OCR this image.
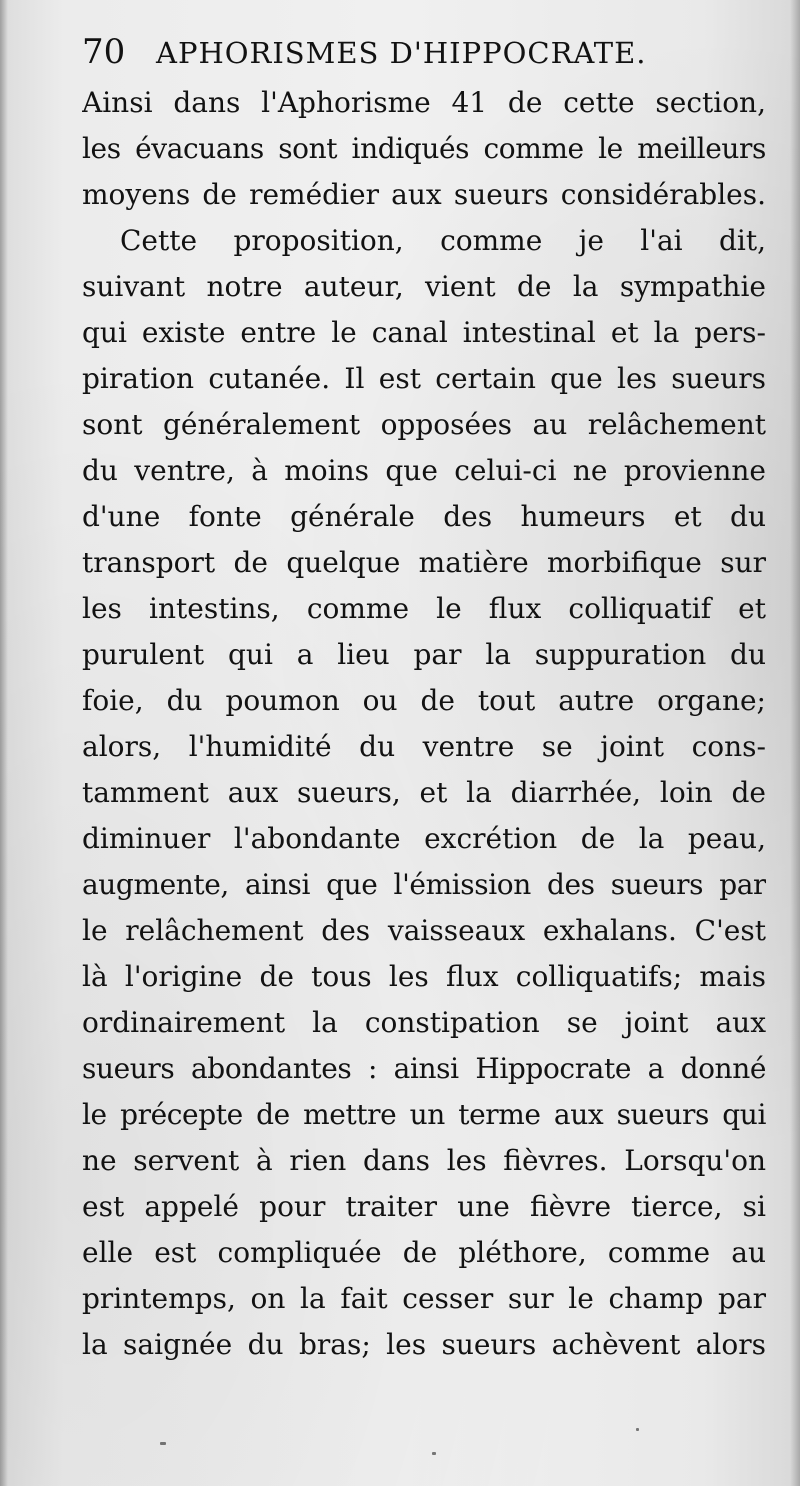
70	APHORISMES D'HIPPOCRATE.
Ainsi dans l'Aphorisme 41 de cette section,
les évacuans sont indiqués comme le meilleurs
moyens de remédier aux sueurs considérables.
Cette proposition, comme je l'ai dit,
suivant notre auteur, vient de la sympathie
qui existe entre le canal intestinal et la pers-
piration cutanée. Il est certain que les sueurs
sont généralement opposées au relâchement
du ventre, à moins que celui-ci ne provienne
d'une fonte générale des humeurs et du
transport de quelque matière morbifique sur
les intestins, comme le flux colliquatif et
purulent qui a lieu par la suppuration du
foie, du poumon ou de tout autre organe;
alors, l'humidité du ventre se joint cons-
tamment aux sueurs, et la diarrhée, loin de
diminuer l'abondante excrétion de la peau,
augmente, ainsi que l'émission des sueurs par
le relâchement des vaisseaux exhalans. C'est
là l'origine de tous les flux colliquatifs; mais
ordinairement la constipation se joint aux
sueurs abondantes : ainsi Hippocrate a donné
le précepte de mettre un terme aux sueurs qui
ne servent à rien dans les fièvres. Lorsqu'on
est appelé pour traiter une fièvre tierce, si
elle est compliquée de pléthore, comme au
printemps, on la fait cesser sur le champ par
la saignée du bras; les sueurs achèvent alors
